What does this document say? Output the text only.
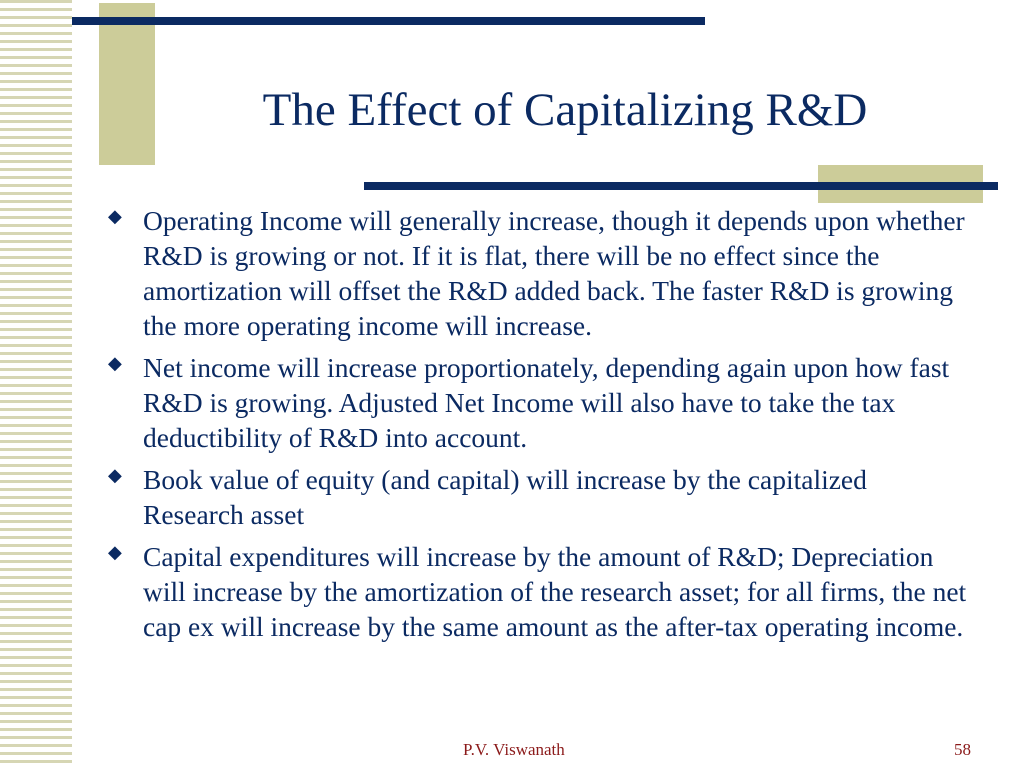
The Effect of Capitalizing R&D
◆ Operating Income will generally increase, though it depends upon whether R&D is growing or not. If it is flat, there will be no effect since the amortization will offset the R&D added back. The faster R&D is growing the more operating income will increase.
◆ Net income will increase proportionately, depending again upon how fast R&D is growing. Adjusted Net Income will also have to take the tax deductibility of R&D into account.
◆ Book value of equity (and capital) will increase by the capitalized Research asset
◆ Capital expenditures will increase by the amount of R&D; Depreciation will increase by the amortization of the research asset; for all firms, the net cap ex will increase by the same amount as the after-tax operating income.
P.V. Viswanath	58
